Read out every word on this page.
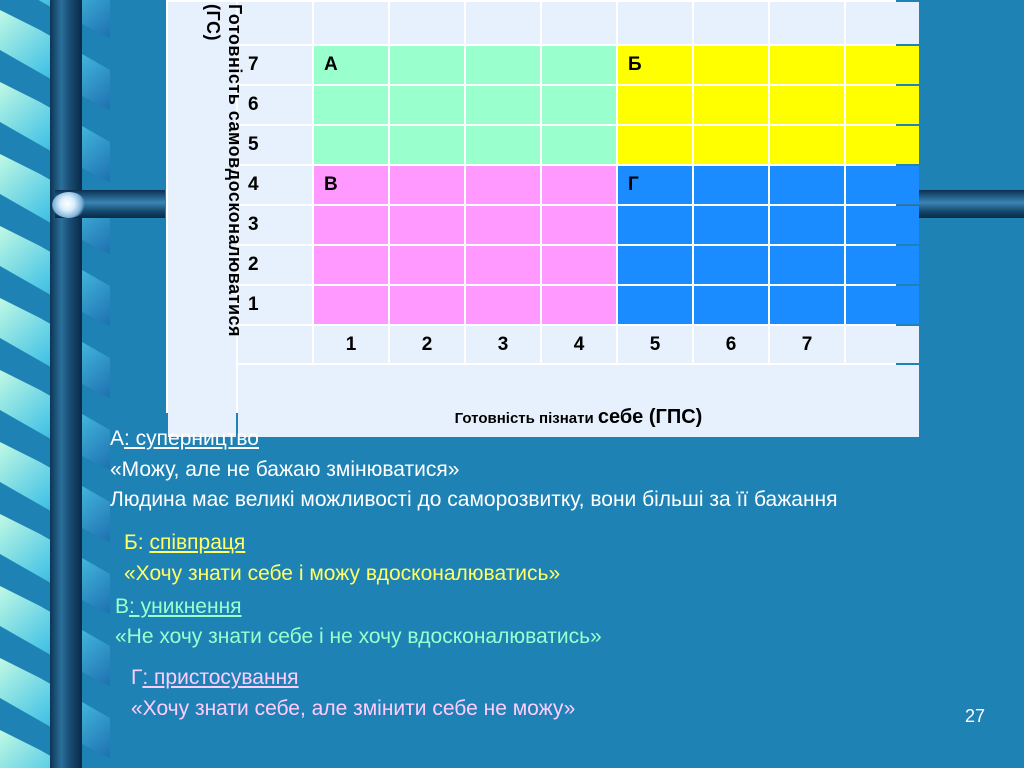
Готовність самовдосконалюватися
(ГС)
7	А	Б
6
5
4	В	Г
3
2
1
1	2	3	4	5	6	7
Готовність пізнати себе (ГПС)
А: суперництво
«Можу, але не бажаю змінюватися»
Людина має великі можливості до саморозвитку, вони більші за її бажання
Б: співпраця
«Хочу знати себе і можу вдосконалюватись»
В: уникнення
«Не хочу знати себе і не хочу вдосконалюватись»
Г: пристосування
«Хочу знати себе, але змінити себе не можу»	27
